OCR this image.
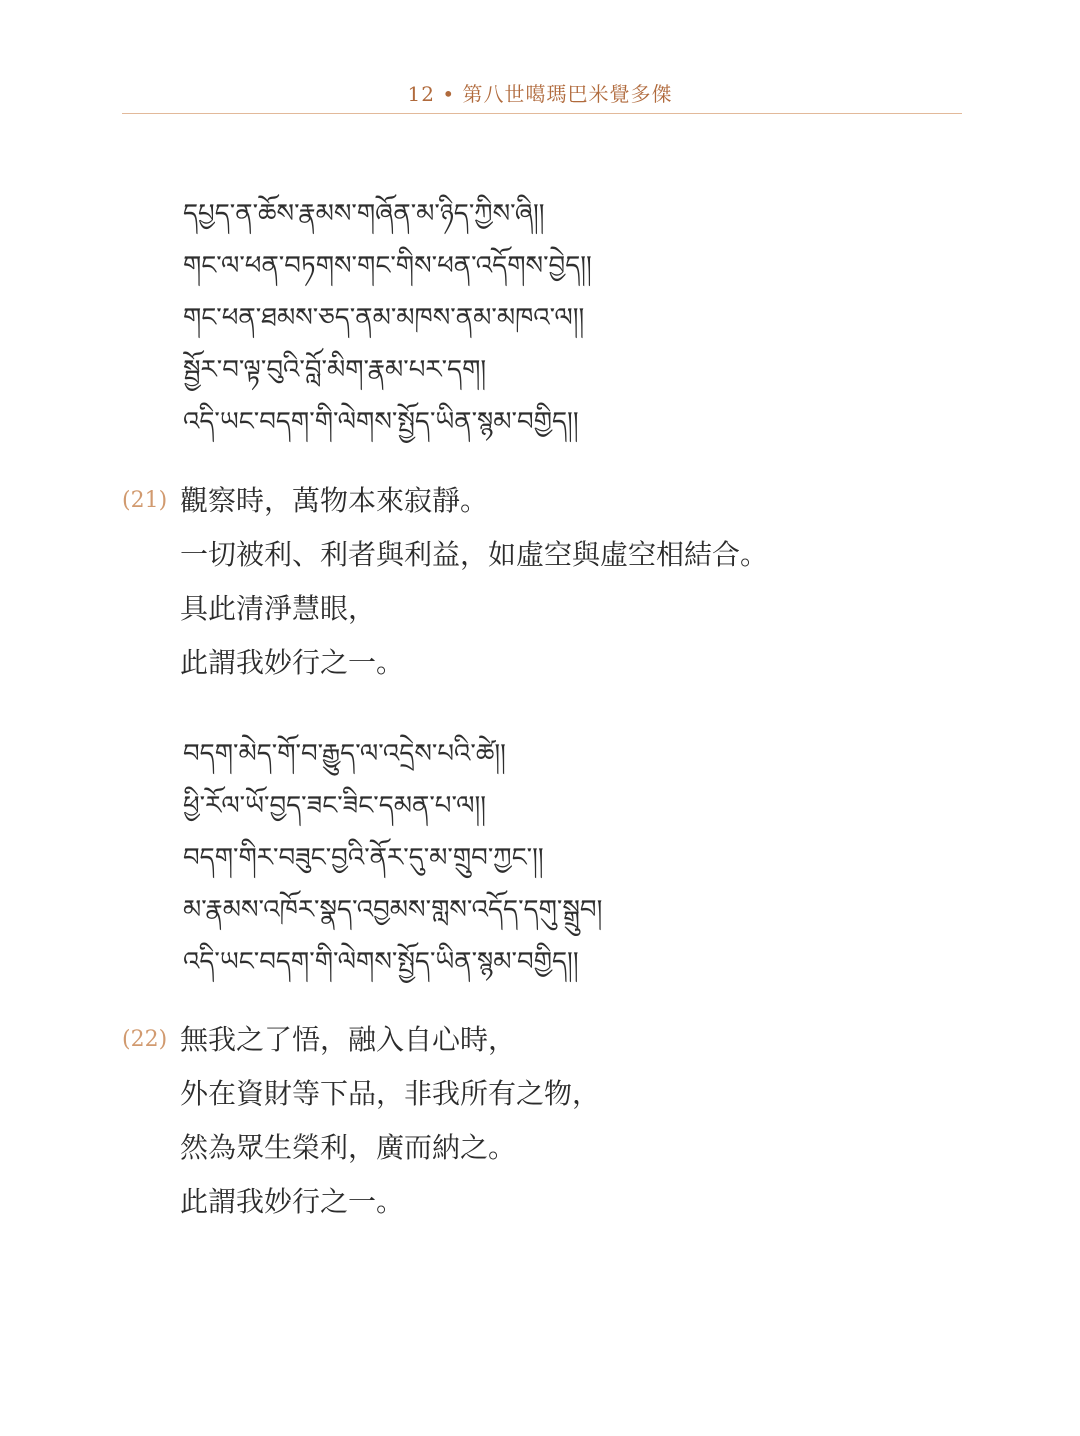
12 • 第八世噶瑪巴米覺多傑
དཔྱད་ན་ཆོས་རྣམས་གཞོན་མ་ཉིད་ཀྱིས་ཞི།།
གང་ལ་ཕན་བཏགས་གང་གིས་ཕན་འདོགས་བྱེད།།
གང་ཕན་ཐམས་ཅད་ནམ་མཁས་ནམ་མཁའ་ལ།།
སྦྱོར་བ་ལྟ་བུའི་བློ་མིག་རྣམ་པར་དག།
འདི་ཡང་བདག་གི་ལེགས་སྤྱོད་ཡིན་སྙམ་བགྱིད།།
(21) 觀察時，萬物本來寂靜。
一切被利、利者與利益，如虛空與虛空相結合。
具此清淨慧眼，
此謂我妙行之一。
བདག་མེད་གོ་བ་རྒྱུད་ལ་འདྲེས་པའི་ཚེ།།
ཕྱི་རོལ་ཡོ་བྱད་ཟང་ཟིང་དམན་པ་ལ།།
བདག་གིར་བཟུང་བྱའི་ནོར་དུ་མ་གྲུབ་ཀྱང་།།
མ་རྣམས་འཁོར་སྣད་འབྱམས་གླས་འདོད་དགུ་སྒྲུབ།
འདི་ཡང་བདག་གི་ལེགས་སྤྱོད་ཡིན་སྙམ་བགྱིད།།
(22) 無我之了悟，融入自心時，
外在資財等下品，非我所有之物，
然為眾生榮利，廣而納之。
此謂我妙行之一。
